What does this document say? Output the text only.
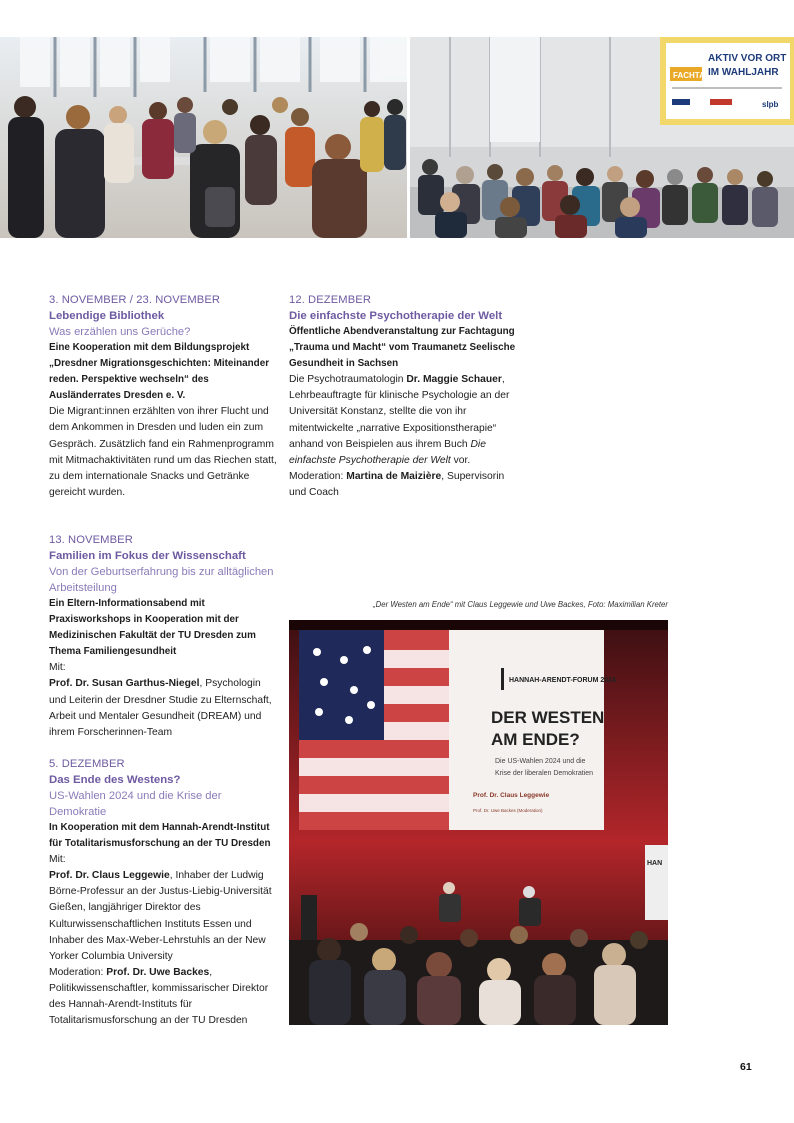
FACHTAG
AKTIV VOR ORT
IM WAHLJAHR
slpb

3. NOVEMBER / 23. NOVEMBER

Lebendige Bibliothek

Was erzählen uns Gerüche?

Eine Kooperation mit dem Bildungsprojekt „Dresdner Migrationsgeschichten: Miteinander reden. Perspektive wechseln“ des Ausländerrates Dresden e. V.

Die Migrant:innen erzählten von ihrer Flucht und dem Ankommen in Dresden und luden ein zum Gespräch. Zusätzlich fand ein Rahmenprogramm mit Mitmachaktivitäten rund um das Riechen statt, zu dem internationale Snacks und Getränke gereicht wurden.

12. DEZEMBER

Die einfachste Psychotherapie der Welt

Öffentliche Abendveranstaltung zur Fachtagung „Trauma und Macht“ vom Traumanetz Seelische Gesundheit in Sachsen

Die Psychotraumatologin Dr. Maggie Schauer, Lehrbeauftragte für klinische Psychologie an der Universität Konstanz, stellte die von ihr mitentwickelte „narrative Expositionstherapie“ anhand von Beispielen aus ihrem Buch Die einfachste Psychotherapie der Welt vor.

Moderation: Martina de Maizière, Supervisorin und Coach

13. NOVEMBER

Familien im Fokus der Wissenschaft

Von der Geburtserfahrung bis zur alltäglichen Arbeitsteilung

Ein Eltern-Informationsabend mit Praxisworkshops in Kooperation mit der Medizinischen Fakultät der TU Dresden zum Thema Familiengesundheit

Mit:

Prof. Dr. Susan Garthus-Niegel, Psychologin und Leiterin der Dresdner Studie zu Elternschaft, Arbeit und Mentaler Gesundheit (DREAM) und ihrem Forscherinnen-Team

5. DEZEMBER

Das Ende des Westens?

US-Wahlen 2024 und die Krise der Demokratie

In Kooperation mit dem Hannah-Arendt-Institut für Totalitarismusforschung an der TU Dresden

Mit:

Prof. Dr. Claus Leggewie, Inhaber der Ludwig Börne-Professur an der Justus-Liebig-Universität Gießen, langjähriger Direktor des Kulturwissenschaftlichen Instituts Essen und Inhaber des Max-Weber-Lehrstuhls an der New Yorker Columbia University

Moderation: Prof. Dr. Uwe Backes, Politikwissenschaftler, kommissarischer Direktor des Hannah-Arendt-Instituts für Totalitarismusforschung an der TU Dresden

„Der Westen am Ende“ mit Claus Leggewie und Uwe Backes, Foto: Maximilian Kreter
HANNAH-ARENDT-FORUM 2024
DER WESTEN
AM ENDE?
Die US-Wahlen 2024 und die
Krise der liberalen Demokratien
Prof. Dr. Claus Leggewie
Prof. Dr. Uwe Backes (Moderation)
HAN
61
